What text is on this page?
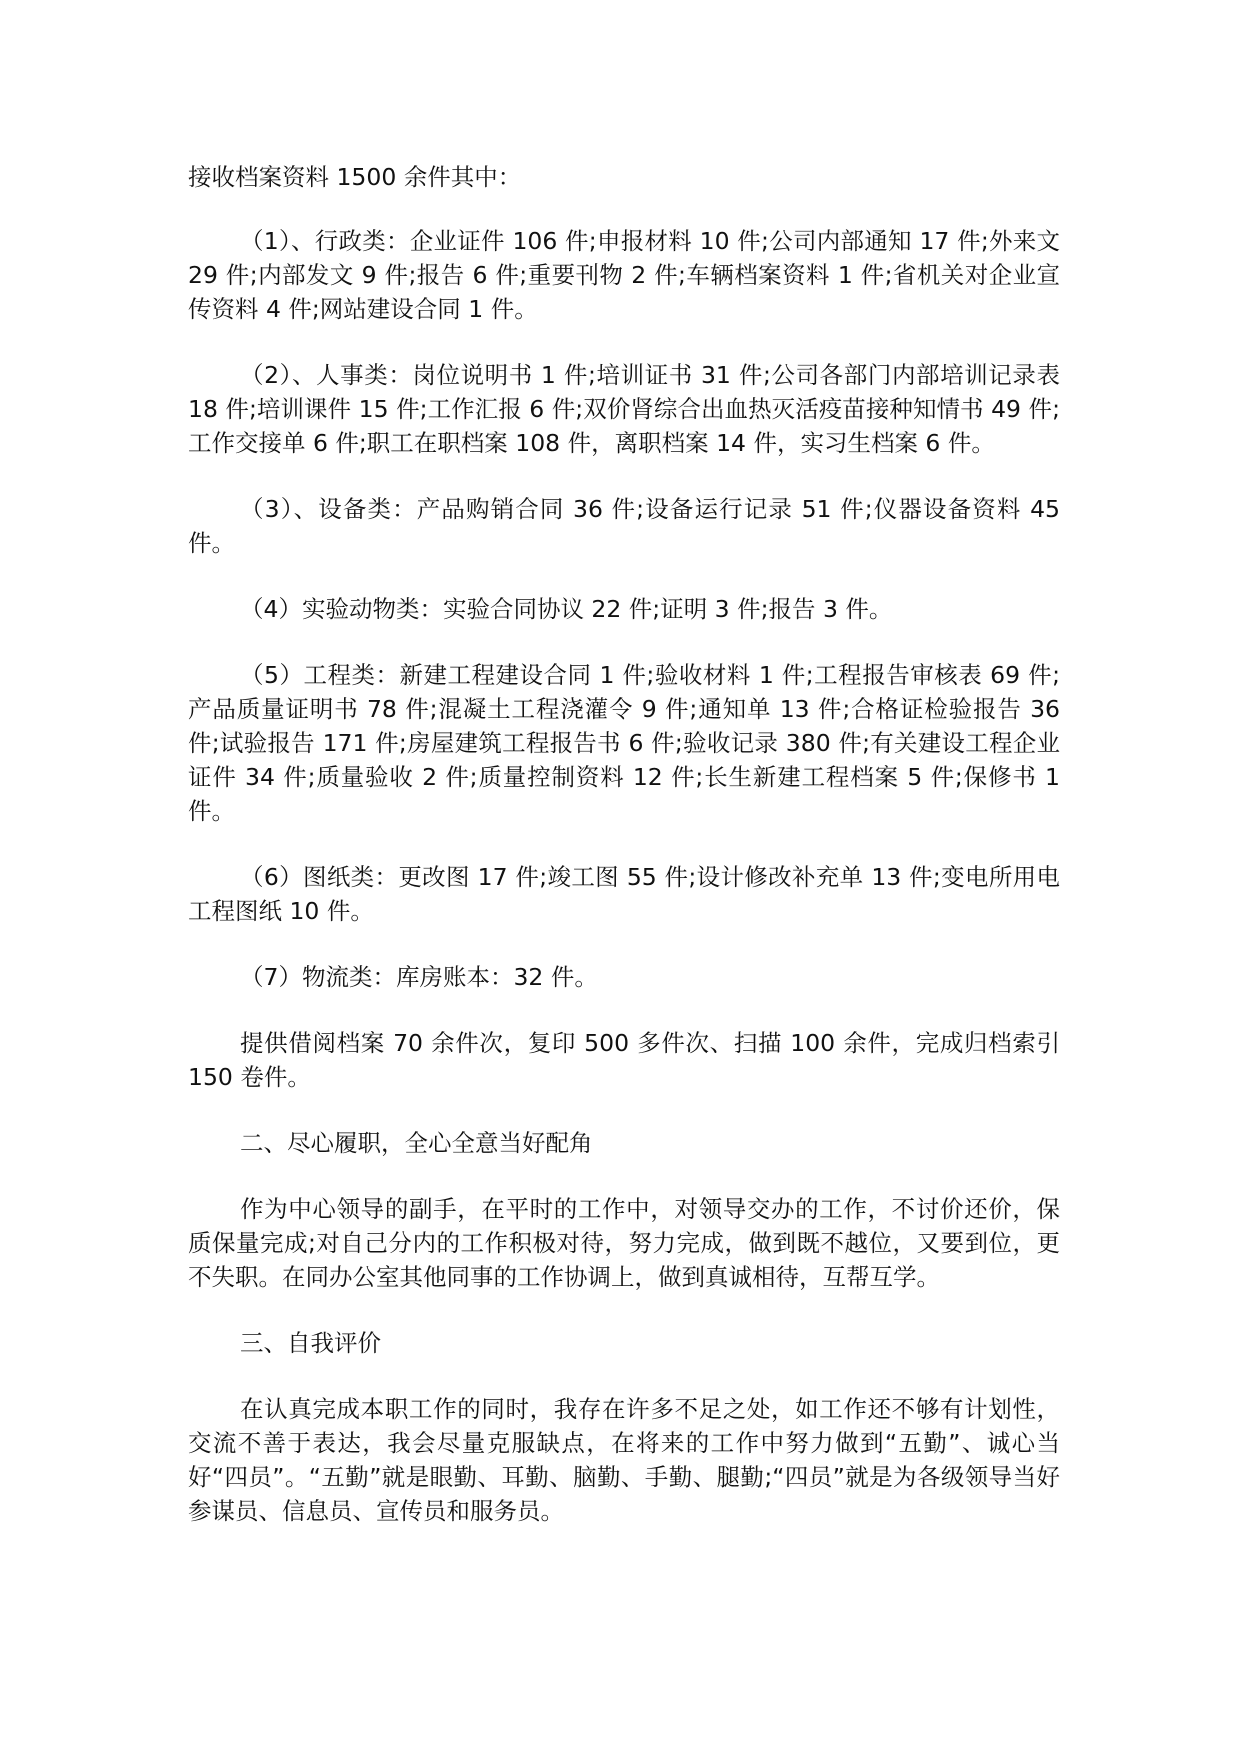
接收档案资料 1500 余件其中：

（1）、行政类：企业证件 106 件;申报材料 10 件;公司内部通知 17 件;外来文 29 件;内部发文 9 件;报告 6 件;重要刊物 2 件;车辆档案资料 1 件;省机关对企业宣传资料 4 件;网站建设合同 1 件。

（2）、人事类：岗位说明书 1 件;培训证书 31 件;公司各部门内部培训记录表 18 件;培训课件 15 件;工作汇报 6 件;双价肾综合出血热灭活疫苗接种知情书 49 件;工作交接单 6 件;职工在职档案 108 件，离职档案 14 件，实习生档案 6 件。

（3）、设备类：产品购销合同 36 件;设备运行记录 51 件;仪器设备资料 45 件。

（4）实验动物类：实验合同协议 22 件;证明 3 件;报告 3 件。

（5）工程类：新建工程建设合同 1 件;验收材料 1 件;工程报告审核表 69 件;产品质量证明书 78 件;混凝土工程浇灌令 9 件;通知单 13 件;合格证检验报告 36 件;试验报告 171 件;房屋建筑工程报告书 6 件;验收记录 380 件;有关建设工程企业证件 34 件;质量验收 2 件;质量控制资料 12 件;长生新建工程档案 5 件;保修书 1 件。

（6）图纸类：更改图 17 件;竣工图 55 件;设计修改补充单 13 件;变电所用电工程图纸 10 件。

（7）物流类：库房账本：32 件。

提供借阅档案 70 余件次，复印 500 多件次、扫描 100 余件，完成归档索引 150 卷件。

二、尽心履职，全心全意当好配角

作为中心领导的副手，在平时的工作中，对领导交办的工作，不讨价还价，保质保量完成;对自己分内的工作积极对待，努力完成，做到既不越位，又要到位，更不失职。在同办公室其他同事的工作协调上，做到真诚相待，互帮互学。

三、自我评价

在认真完成本职工作的同时，我存在许多不足之处，如工作还不够有计划性，交流不善于表达，我会尽量克服缺点，在将来的工作中努力做到“五勤”、诚心当好“四员”。“五勤”就是眼勤、耳勤、脑勤、手勤、腿勤;“四员”就是为各级领导当好参谋员、信息员、宣传员和服务员。
